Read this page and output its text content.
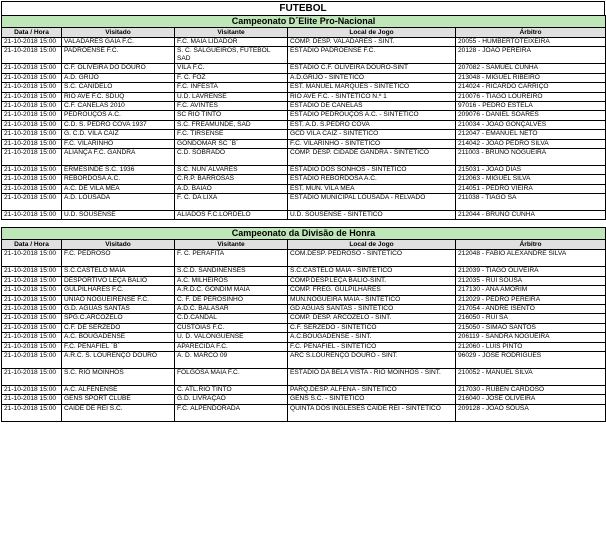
FUTEBOL
Campeonato D´Elite Pro-Nacional				
Data / Hora	Visitado	Visitante	Local de Jogo	Árbitro
21-10-2018 15:00	VALADARES GAIA F.C.	F.C. MAIA LIDADOR	COMP. DESP. VALADARES - SINT.	20055 - HUMBERTOTEIXEIRA
21-10-2018 15:00	PADROENSE F.C.	S. C. SALGUEIROS, FUTEBOL SAD	ESTÁDIO PADROENSE F.C.	20128 - JOAO PEREIRA
21-10-2018 15:00	C.F. OLIVEIRA DO DOURO	VILA F.C.	ESTÁDIO C.F. OLIVEIRA DOURO-SINT	207082 - SAMUEL CUNHA
21-10-2018 15:00	A.D. GRIJO	F. C. FOZ	A.D.GRIJO - SINTETICO	213048 - MIGUEL RIBEIRO
21-10-2018 15:00	S.C. CANIDELO	F.C. INFESTA	EST. MANUEL MARQUES - SINTETICO	214024 - RICARDO CARRIÇO
21-10-2018 15:00	RIO AVE F.C. SDUQ	U.D. LAVRENSE	RIO AVE F.C. - SINTETICO N.º 1	210076 - TIAGO LOUREIRO
21-10-2018 15:00	C.F. CANELAS 2010	F.C. AVINTES	ESTÁDIO DE CANELAS	97016 - PEDRO ESTELA
21-10-2018 15:00	PEDROUÇOS A.C.	SC RIO TINTO	ESTÁDIO PEDROUÇOS A.C. - SINTETICO	209076 - DANIEL SOARES
21-10-2018 15:00	C.D. S. PEDRO COVA 1937	S.C. FREAMUNDE, SAD	EST. A.D. S.PEDRO COVA	210034 - JOAO GONÇALVES
21-10-2018 15:00	G. C.D. VILA CAIZ	F.C. TIRSENSE	GCD VILA CAIZ - SINTETICO	212047 - EMANUEL NETO
21-10-2018 15:00	F.C. VILARINHO	GONDOMAR SC ´B´	F.C. VILARINHO - SINTETICO	214042 - JOÃO PEDRO SILVA
21-10-2018 15:00	ALIANÇA F.C. GANDRA	C.D. SOBRADO	COMP. DESP. CIDADE GANDRA - SINTETICO	211003 - BRUNO NOGUEIRA
21-10-2018 15:00	ERMESINDE S.C. 1936	S.C. NUN´ÁLVARES	ESTÁDIO DOS SONHOS - SINTETICO	215031 - JOAO DIAS
21-10-2018 15:00	REBORDOSA A.C.	C.R.P. BARROSAS	ESTÁDIO REBORDOSA A.C.	212063 - MIGUEL SILVA
21-10-2018 15:00	A.C. DE VILA MEA	A.D. BAIÃO	EST. MUN. VILA MEA	214051 - PEDRO VIEIRA
21-10-2018 15:00	A.D. LOUSADA	F. C. DA LIXA	ESTÁDIO MUNICIPAL LOUSADA - RELVADO	211038 - TIAGO SA
21-10-2018 15:00	U.D. SOUSENSE	ALIADOS F.C.LORDELO	U.D. SOUSENSE - SINTETICO	212044 - BRUNO CUNHA

Campeonato da Divisão de Honra				
Data / Hora	Visitado	Visitante	Local de Jogo	Árbitro
21-10-2018 15:00	F.C. PEDROSO	F. C. PERAFITA	COM.DESP. PEDROSO - SINTETICO	212048 - FABIO ALEXANDRE SILVA
21-10-2018 15:00	S.C.CASTELO MAIA	S.C.D. SANDINENSES	S.C.CASTELO MAIA - SINTETICO	212039 - TIAGO OLIVEIRA
21-10-2018 15:00	DESPORTIVO LEÇA BALIO	A.C. MILHEIROS	COMP.DESP.LEÇA BALIO-SINT.	212035 - RUI SOUSA
21-10-2018 15:00	GULPILHARES F.C.	A.R.D.C. GONDIM MAIA	COMP. FREG. GULPILHARES	217130 - ANA AMORIM
21-10-2018 15:00	UNIAO NOGUEIRENSE F.C.	C. F. DE PEROSINHO	MUN.NOGUEIRA MAIA - SINTETICO	212029 - PEDRO PEREIRA
21-10-2018 15:00	G.D. AGUAS SANTAS	A.D.C. BALASAR	GD AGUAS SANTAS - SINTETICO	217054 - ANDRE ISENTO
21-10-2018 15:00	SPG.C.ARCOZELO	C.D.CANDAL	COMP. DESP. ARCOZELO - SINT.	216050 - RUI SA
21-10-2018 15:00	C.F. DE SERZEDO	CUSTÓIAS F.C.	C.F. SERZEDO - SINTETICO	215050 - SIMAO SANTOS
21-10-2018 15:00	A.C. BOUGADENSE	U. D. VALONGUENSE	A.C.BOUGADENSE - SINT.	206119 - SANDRA NOGUEIRA
21-10-2018 15:00	F.C. PENAFIEL ´B´	APARECIDA F.C.	F.C. PENAFIEL - SINTETICO	212060 - LUIS PINTO
21-10-2018 15:00	A.R.C. S. LOURENÇO DOURO	A. D. MARCO 09	ARC S.LOURENÇO DOURO - SINT.	96029 - JOSE RODRIGUES
21-10-2018 15:00	S.C. RIO MOINHOS	FOLGOSA MAIA F.C.	ESTÁDIO DA BELA VISTA - RIO MOINHOS - SINT.	210052 - MANUEL SILVA
21-10-2018 15:00	A.C. ALFENENSE	C. ATL.RIO TINTO	PARQ.DESP. ALFENA - SINTETICO	217030 - RUBEN CARDOSO
21-10-2018 15:00	GENS SPORT CLUBE	G.D. LIVRAÇAO	GENS S.C. - SINTETICO	216040 - JOSE OLIVEIRA
21-10-2018 15:00	CAIDE DE REI S.C.	F.C. ALPENDORADA	QUINTA DOS INGLESES CAIDE REI - SINTETICO	209128 - JOAO SOUSA
